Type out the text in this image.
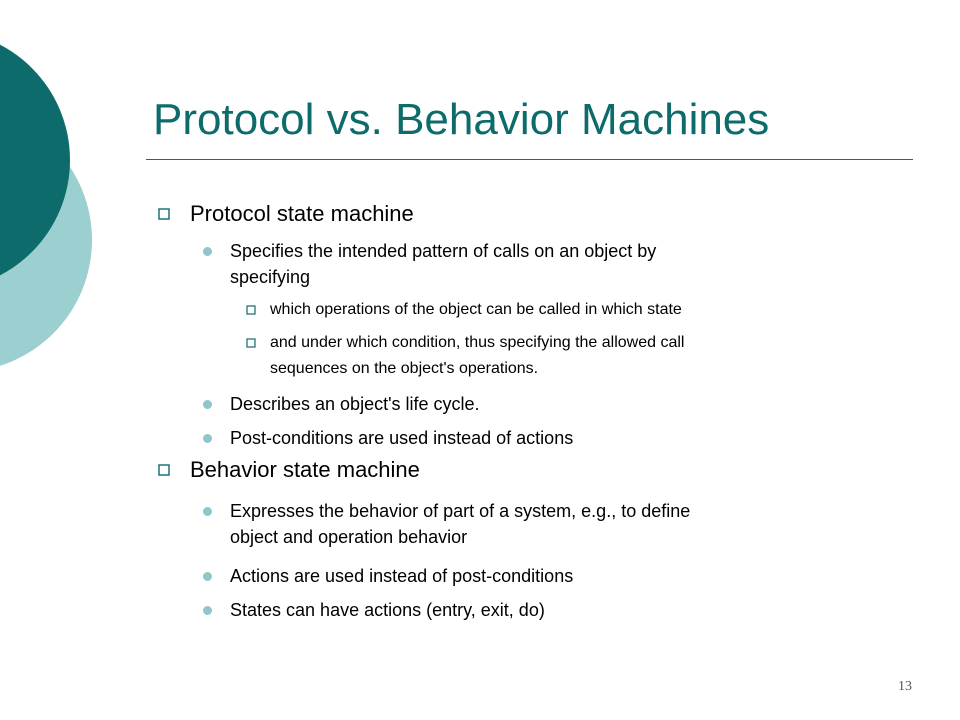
Protocol vs. Behavior Machines
Protocol state machine
Specifies the intended pattern of calls on an object by
specifying
which operations of the object can be called in which state
and under which condition, thus specifying the allowed call
sequences on the object's operations.
Describes an object's life cycle.
Post-conditions are used instead of actions
Behavior state machine
Expresses the behavior of part of a system, e.g., to define
object and operation behavior
Actions are used instead of post-conditions
States can have actions (entry, exit, do)
13
